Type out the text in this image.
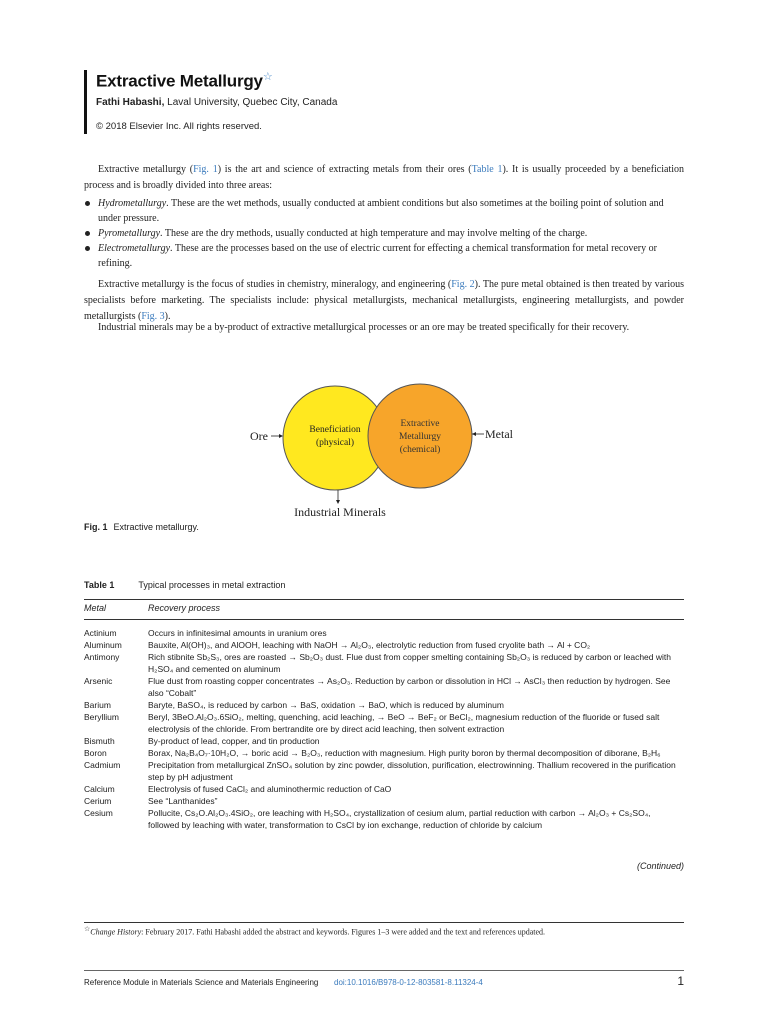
Extractive Metallurgy☆
Fathi Habashi, Laval University, Quebec City, Canada
© 2018 Elsevier Inc. All rights reserved.
Extractive metallurgy (Fig. 1) is the art and science of extracting metals from their ores (Table 1). It is usually proceeded by a beneficiation process and is broadly divided into three areas:
Hydrometallurgy. These are the wet methods, usually conducted at ambient conditions but also sometimes at the boiling point of solution and under pressure.
Pyrometallurgy. These are the dry methods, usually conducted at high temperature and may involve melting of the charge.
Electrometallurgy. These are the processes based on the use of electric current for effecting a chemical transformation for metal recovery or refining.
Extractive metallurgy is the focus of studies in chemistry, mineralogy, and engineering (Fig. 2). The pure metal obtained is then treated by various specialists before marketing. The specialists include: physical metallurgists, mechanical metallurgists, engineering metallurgists, and powder metallurgists (Fig. 3).
Industrial minerals may be a by-product of extractive metallurgical processes or an ore may be treated specifically for their recovery.
Beneficiation
(physical)
Extractive
Metallurgy
(chemical)
Ore	Metal
Industrial Minerals
Fig. 1 Extractive metallurgy.
Table 1	Typical processes in metal extraction
Metal	Recovery process
Actinium	Occurs in infinitesimal amounts in uranium ores
Aluminum	Bauxite, Al(OH)₃, and AlOOH, leaching with NaOH → Al₂O₃, electrolytic reduction from fused cryolite bath → Al + CO₂
Antimony	Rich stibnite Sb₂S₃, ores are roasted → Sb₂O₃ dust. Flue dust from copper smelting containing Sb₂O₃ is reduced by carbon or leached with H₂SO₄ and cemented on aluminum
Arsenic	Flue dust from roasting copper concentrates → As₂O₃. Reduction by carbon or dissolution in HCl → AsCl₃ then reduction by hydrogen. See also “Cobalt”
Barium	Baryte, BaSO₄, is reduced by carbon → BaS, oxidation → BaO, which is reduced by aluminum
Beryllium	Beryl, 3BeO.Al₂O₃.6SiO₂, melting, quenching, acid leaching, → BeO → BeF₂ or BeCl₂, magnesium reduction of the fluoride or fused salt electrolysis of the chloride. From bertrandite ore by direct acid leaching, then solvent extraction
Bismuth	By-product of lead, copper, and tin production
Boron	Borax, Na₂B₄O₇·10H₂O, → boric acid → B₂O₃, reduction with magnesium. High purity boron by thermal decomposition of diborane, B₂H₆
Cadmium	Precipitation from metallurgical ZnSO₄ solution by zinc powder, dissolution, purification, electrowinning. Thallium recovered in the purification step by pH adjustment
Calcium	Electrolysis of fused CaCl₂ and aluminothermic reduction of CaO
Cerium	See “Lanthanides”
Cesium	Pollucite, Cs₂O.Al₂O₃.4SiO₂, ore leaching with H₂SO₄, crystallization of cesium alum, partial reduction with carbon → Al₂O₃ + Cs₂SO₄, followed by leaching with water, transformation to CsCl by ion exchange, reduction of chloride by calcium
(Continued)
☆Change History: February 2017. Fathi Habashi added the abstract and keywords. Figures 1–3 were added and the text and references updated.
Reference Module in Materials Science and Materials Engineering doi:10.1016/B978-0-12-803581-8.11324-4	1
